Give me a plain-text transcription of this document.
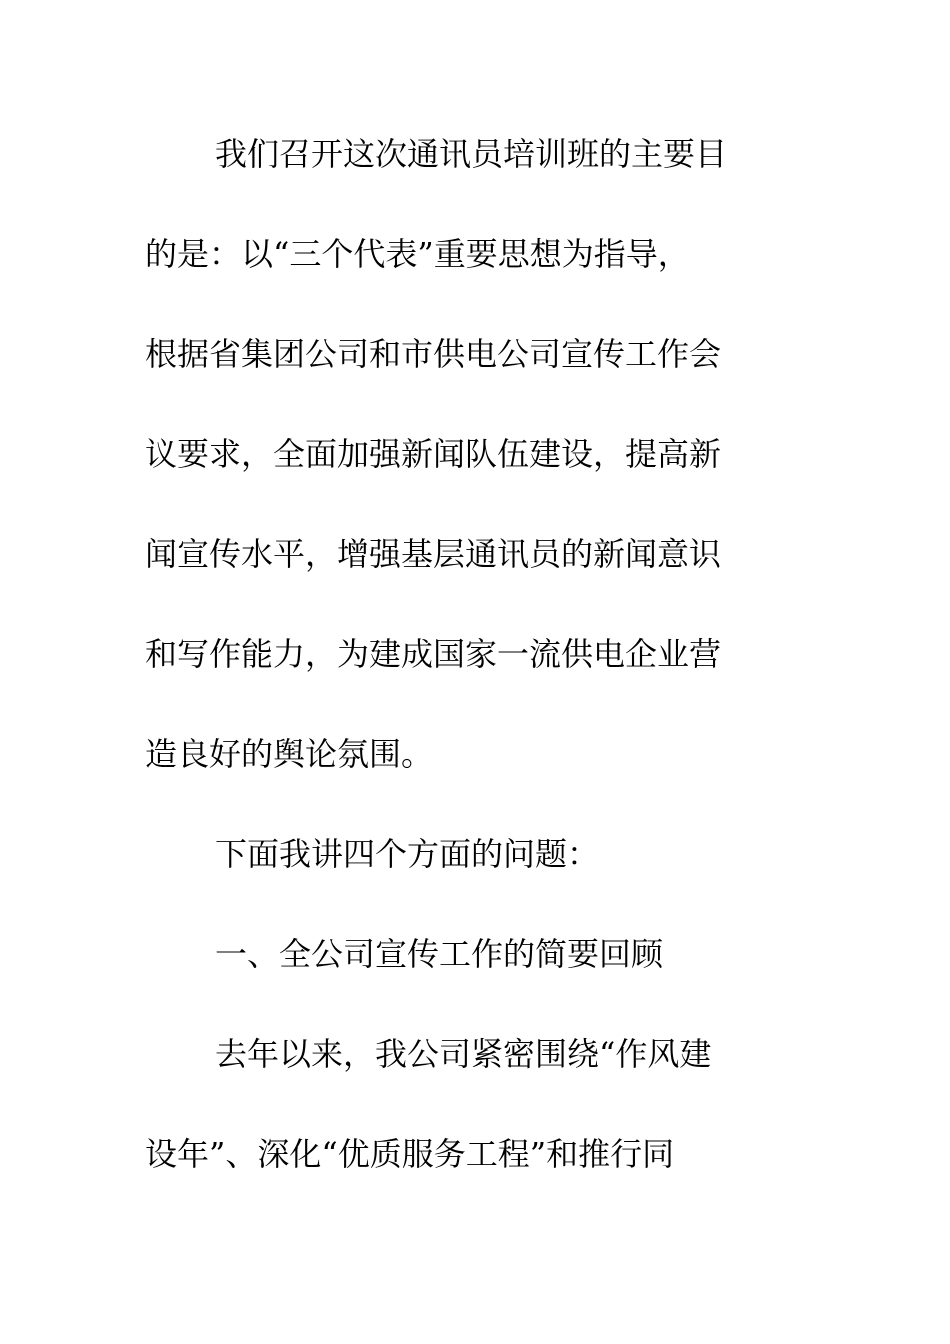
我们召开这次通讯员培训班的主要目
的是：以“三个代表”重要思想为指导，
根据省集团公司和市供电公司宣传工作会
议要求，全面加强新闻队伍建设，提高新
闻宣传水平，增强基层通讯员的新闻意识
和写作能力，为建成国家一流供电企业营
造良好的舆论氛围。
下面我讲四个方面的问题：
一、全公司宣传工作的简要回顾
去年以来，我公司紧密围绕“作风建
设年”、深化“优质服务工程”和推行同
